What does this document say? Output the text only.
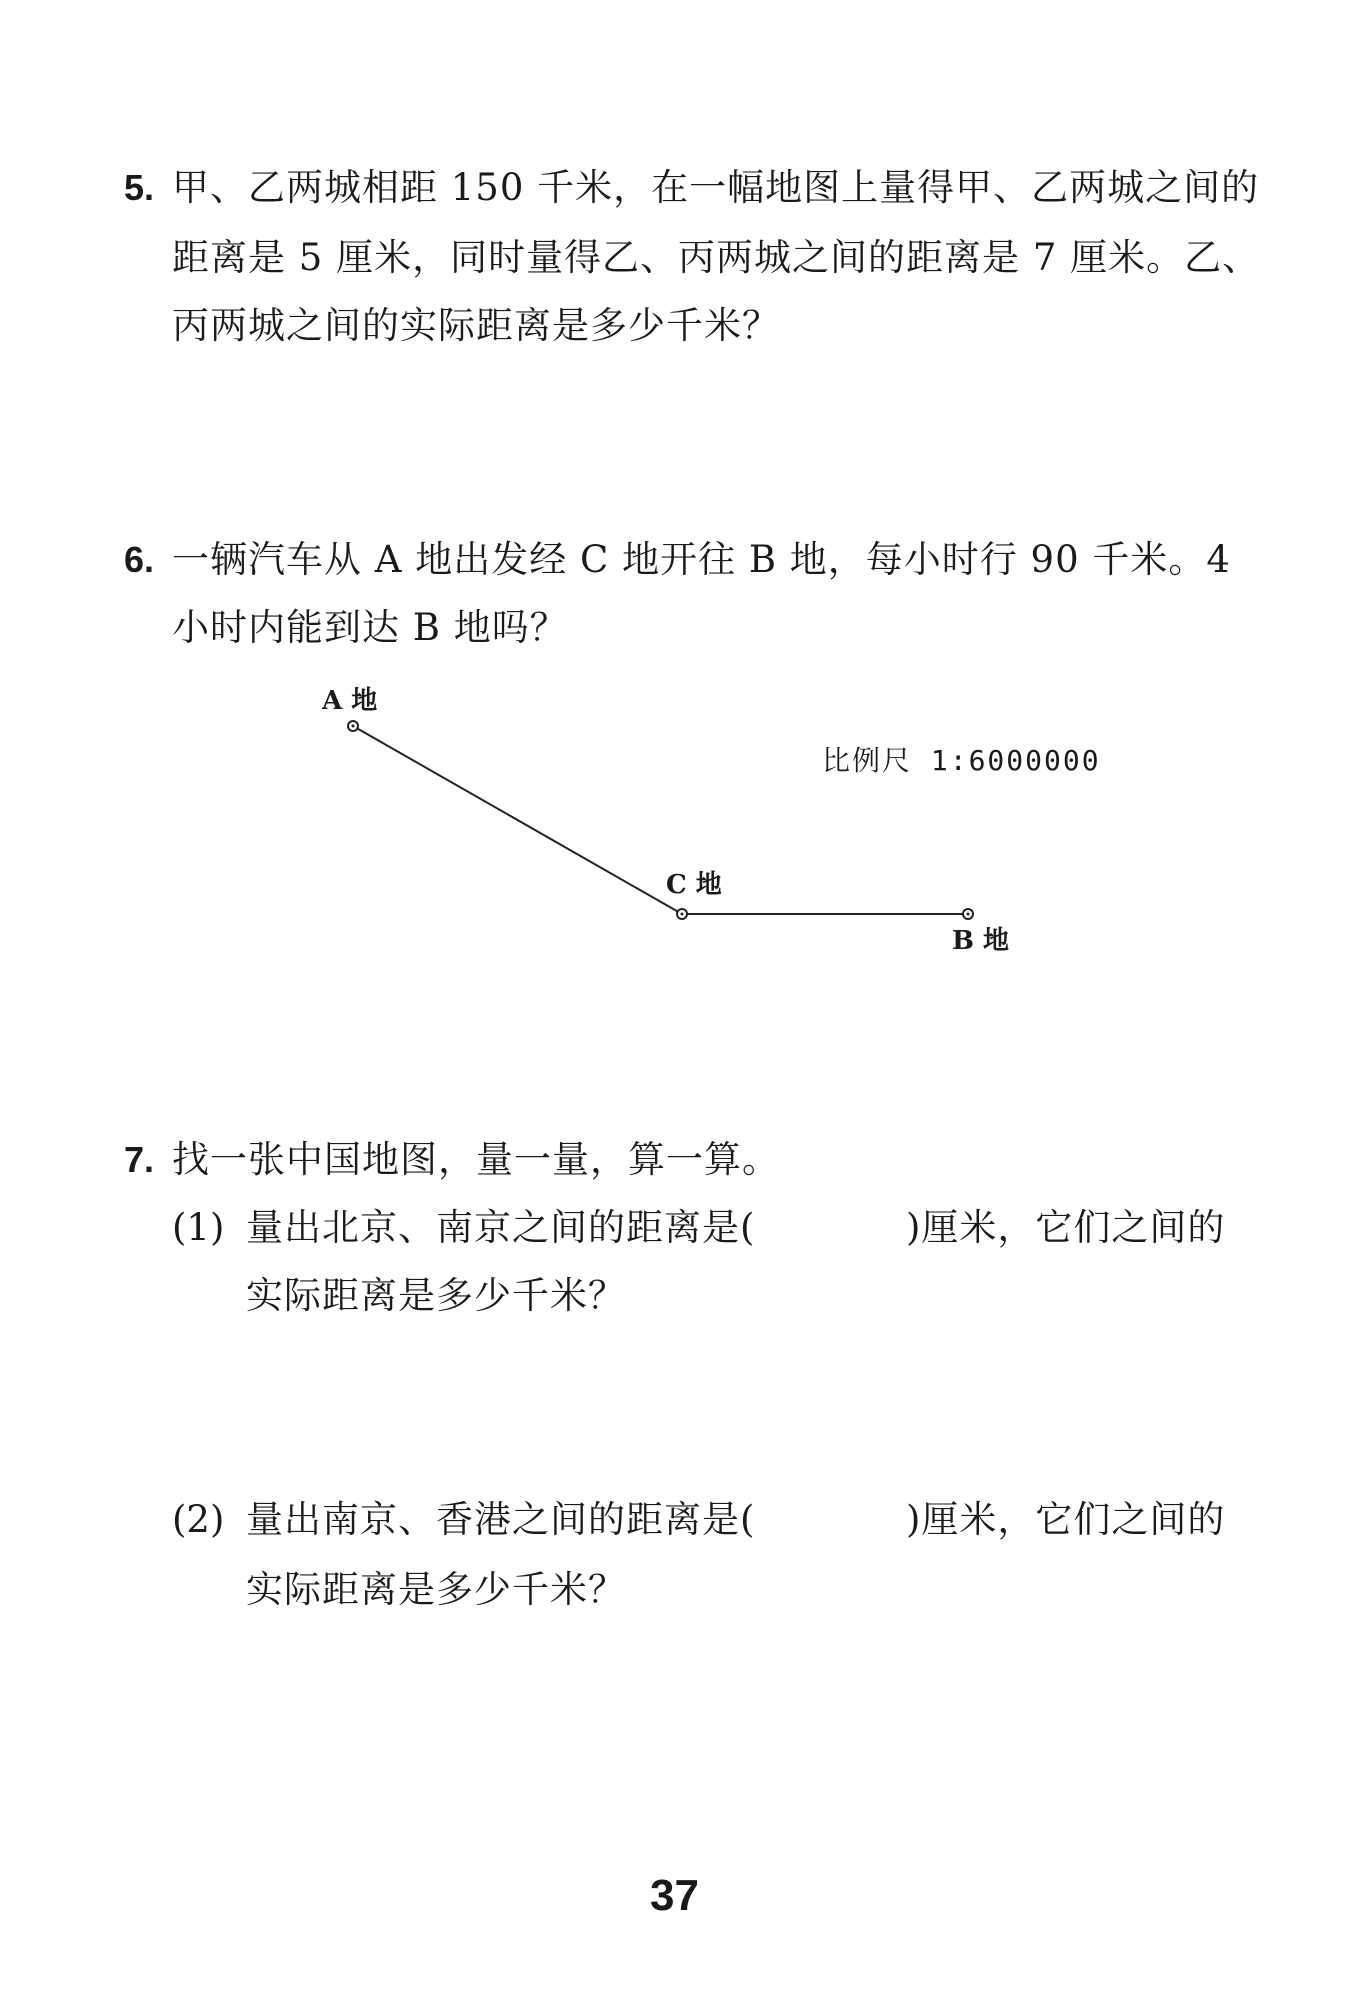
5. 甲、乙两城相距 150 千米，在一幅地图上量得甲、乙两城之间的
距离是 5 厘米，同时量得乙、丙两城之间的距离是 7 厘米。乙、
丙两城之间的实际距离是多少千米？
6. 一辆汽车从 A 地出发经 C 地开往 B 地，每小时行 90 千米。4
小时内能到达 B 地吗？
A 地
C 地
B 地
比例尺 1:6000000
7. 找一张中国地图，量一量，算一算。
(1) 量出北京、南京之间的距离是(	)厘米，它们之间的
实际距离是多少千米？
(2) 量出南京、香港之间的距离是(	)厘米，它们之间的
实际距离是多少千米？
37
